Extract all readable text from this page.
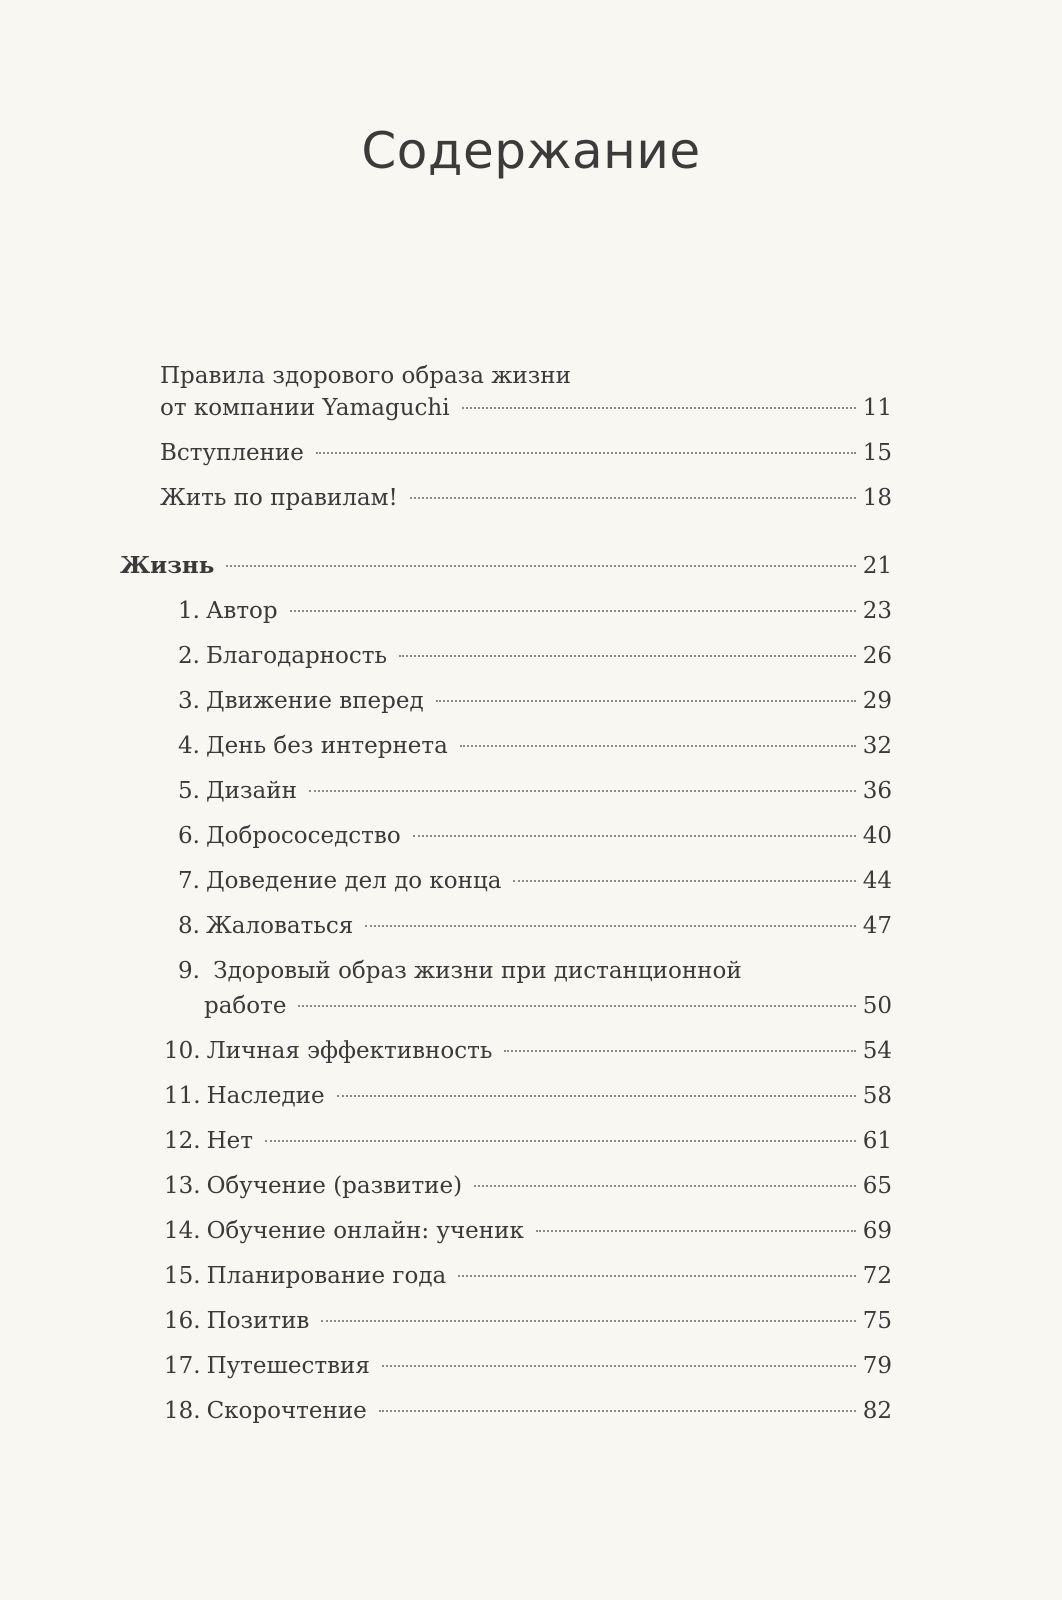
Содержание
Правила здорового образа жизни
от компании Yamaguchi	11
Вступление	15
Жить по правилам!	18
Жизнь	21
1. Автор	23
2. Благодарность	26
3. Движение вперед	29
4. День без интернета	32
5. Дизайн	36
6. Добрососедство	40
7. Доведение дел до конца	44
8. Жаловаться	47
9. Здоровый образ жизни при дистанционной
работе	50
10. Личная эффективность	54
11. Наследие	58
12. Нет	61
13. Обучение (развитие)	65
14. Обучение онлайн: ученик	69
15. Планирование года	72
16. Позитив	75
17. Путешествия	79
18. Скорочтение	82
